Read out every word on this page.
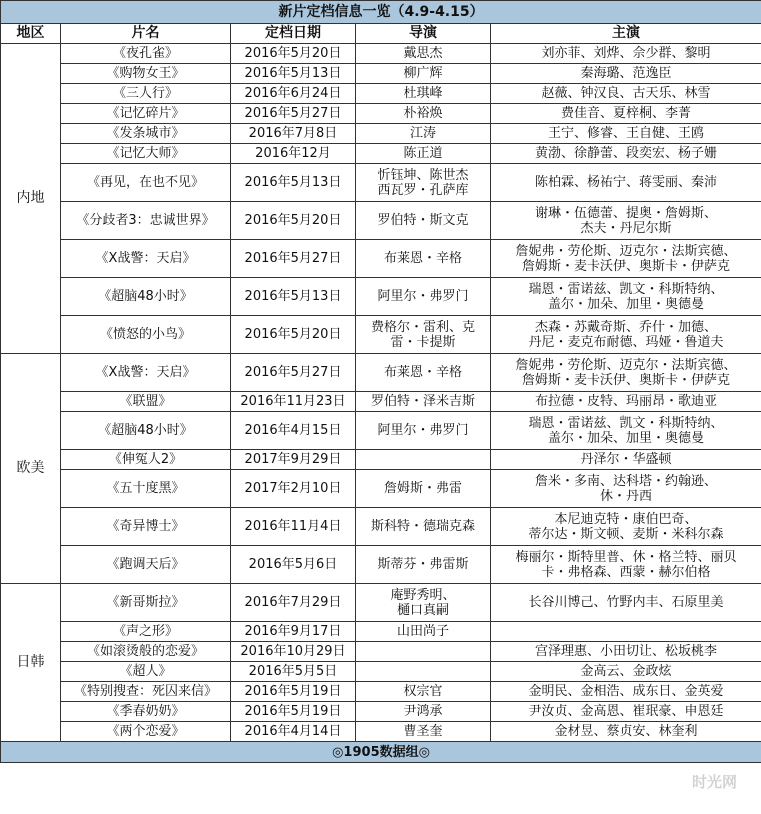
新片定档信息一览（4.9-4.15）				
地区	片名	定档日期	导演	主演
内地	《夜孔雀》	2016年5月20日	戴思杰	刘亦菲、刘烨、佘少群、黎明

	《购物女王》	2016年5月13日	柳广辉	秦海璐、范逸臣

	《三人行》	2016年6月24日	杜琪峰	赵薇、钟汉良、古天乐、林雪

	《记忆碎片》	2016年5月27日	朴裕焕	费佳音、夏梓桐、李菁

	《发条城市》	2016年7月8日	江涛	王宁、修睿、王自健、王鸥

	《记忆大师》	2016年12月	陈正道	黄渤、徐静蕾、段奕宏、杨子姗

	《再见，在也不见》	2016年5月13日	忻钰坤、陈世杰
西瓦罗・孔萨库	陈柏霖、杨祐宁、蒋雯丽、秦沛

	《分歧者3：忠诚世界》	2016年5月20日	罗伯特・斯文克	谢琳・伍德蕾、提奥・詹姆斯、
杰夫・丹尼尔斯

	《X战警：天启》	2016年5月27日	布莱恩・辛格	詹妮弗・劳伦斯、迈克尔・法斯宾德、
詹姆斯・麦卡沃伊、奥斯卡・伊萨克

	《超脑48小时》	2016年5月13日	阿里尔・弗罗门	瑞恩・雷诺兹、凯文・科斯特纳、
盖尔・加朵、加里・奥德曼

	《愤怒的小鸟》	2016年5月20日	费格尔・雷利、克
雷・卡提斯	杰森・苏戴奇斯、乔什・加德、
丹尼・麦克布耐德、玛娅・鲁道夫

欧美	《X战警：天启》	2016年5月27日	布莱恩・辛格	詹妮弗・劳伦斯、迈克尔・法斯宾德、
詹姆斯・麦卡沃伊、奥斯卡・伊萨克

	《联盟》	2016年11月23日	罗伯特・泽米吉斯	布拉德・皮特、玛丽昂・歌迪亚

	《超脑48小时》	2016年4月15日	阿里尔・弗罗门	瑞恩・雷诺兹、凯文・科斯特纳、
盖尔・加朵、加里・奥德曼

	《伸冤人2》	2017年9月29日		丹泽尔・华盛顿

	《五十度黑》	2017年2月10日	詹姆斯・弗雷	詹米・多南、达科塔・约翰逊、
休・丹西

	《奇异博士》	2016年11月4日	斯科特・德瑞克森	本尼迪克特・康伯巴奇、
蒂尔达・斯文顿、麦斯・米科尔森

	《跑调天后》	2016年5月6日	斯蒂芬・弗雷斯	梅丽尔・斯特里普、休・格兰特、丽贝
卡・弗格森、西蒙・赫尔伯格

日韩	《新哥斯拉》	2016年7月29日	庵野秀明、
樋口真嗣	长谷川博己、竹野内丰、石原里美

	《声之形》	2016年9月17日	山田尚子	

	《如滚烫般的恋爱》	2016年10月29日		宫泽理惠、小田切让、松坂桃李

	《超人》	2016年5月5日		金高云、金政炫

	《特别搜查：死囚来信》	2016年5月19日	权宗官	金明民、金相浩、成东日、金英爱

	《季春奶奶》	2016年5月19日	尹鸿承	尹汝贞、金高恩、崔珉豪、申恩廷

	《两个恋爱》	2016年4月14日	曹圣奎	金材昱、蔡贞安、林奎利

◎1905数据组◎				
时光网
